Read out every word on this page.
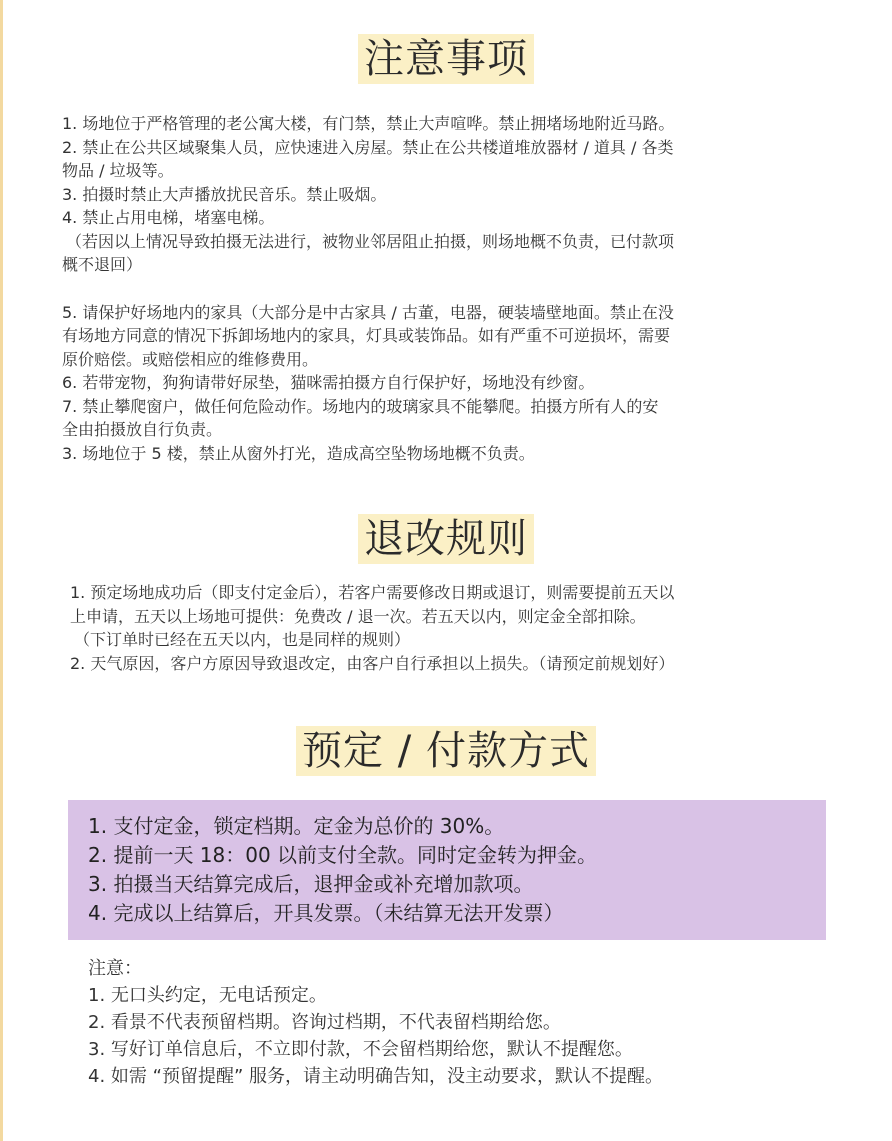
注意事项

1. 场地位于严格管理的老公寓大楼，有门禁，禁止大声喧哗。禁止拥堵场地附近马路。

2. 禁止在公共区域聚集人员，应快速进入房屋。禁止在公共楼道堆放器材 / 道具 / 各类

物品 / 垃圾等。

3. 拍摄时禁止大声播放扰民音乐。禁止吸烟。

4. 禁止占用电梯，堵塞电梯。

（若因以上情况导致拍摄无法进行，被物业邻居阻止拍摄，则场地概不负责，已付款项

概不退回）

5. 请保护好场地内的家具（大部分是中古家具 / 古董，电器，硬装墙壁地面。禁止在没

有场地方同意的情况下拆卸场地内的家具，灯具或装饰品。如有严重不可逆损坏，需要

原价赔偿。或赔偿相应的维修费用。

6. 若带宠物，狗狗请带好尿垫，猫咪需拍摄方自行保护好，场地没有纱窗。

7. 禁止攀爬窗户，做任何危险动作。场地内的玻璃家具不能攀爬。拍摄方所有人的安

全由拍摄放自行负责。

3. 场地位于 5 楼，禁止从窗外打光，造成高空坠物场地概不负责。

退改规则

1. 预定场地成功后（即支付定金后），若客户需要修改日期或退订，则需要提前五天以

上申请，五天以上场地可提供：免费改 / 退一次。若五天以内，则定金全部扣除。

（下订单时已经在五天以内，也是同样的规则）

2. 天气原因，客户方原因导致退改定，由客户自行承担以上损失。（请预定前规划好）

预定 / 付款方式

1. 支付定金，锁定档期。定金为总价的 30%。

2. 提前一天 18：00 以前支付全款。同时定金转为押金。

3. 拍摄当天结算完成后，退押金或补充增加款项。

4. 完成以上结算后，开具发票。（未结算无法开发票）

注意：

1. 无口头约定，无电话预定。

2. 看景不代表预留档期。咨询过档期，不代表留档期给您。

3. 写好订单信息后，不立即付款，不会留档期给您，默认不提醒您。

4. 如需 “预留提醒” 服务，请主动明确告知，没主动要求，默认不提醒。
